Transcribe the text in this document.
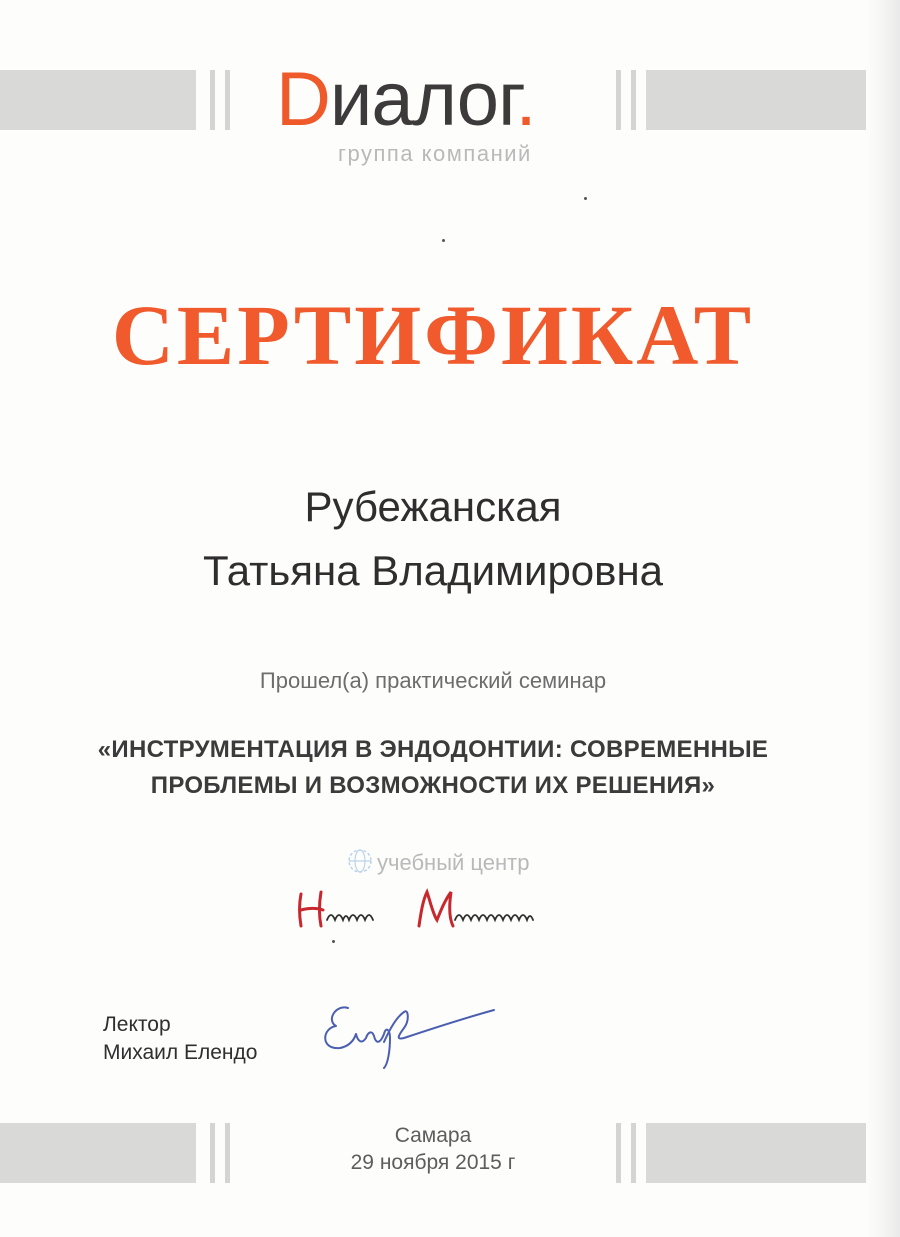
Dиалог.
группа компаний
СЕРТИФИКАТ
Рубежанская
Татьяна Владимировна
Прошел(а) практический семинар
«ИНСТРУМЕНТАЦИЯ В ЭНДОДОНТИИ: СОВРЕМЕННЫЕ
ПРОБЛЕМЫ И ВОЗМОЖНОСТИ ИХ РЕШЕНИЯ»
учебный центр
Лектор
Михаил Елендо
Самара
29 ноября 2015 г
